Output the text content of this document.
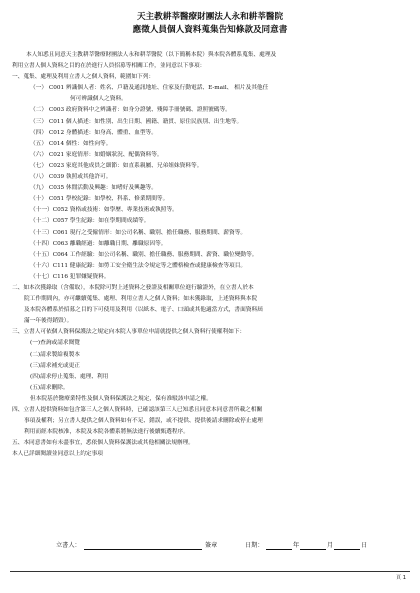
天主教耕莘醫療財團法人永和耕莘醫院
應徵人員個人資料蒐集告知條款及同意書

本人知悉且同意天主教耕莘醫療財團法人永和耕莘醫院（以下簡稱本院）與本院各體系蒐集、處理及

利用立書人個人資料之目的在於進行人員招募等相關工作，並同意以下事項：

一、蒐集、處理及利用立書人之個人資料，範圍如下列：

（一） C001 辨識個人者：姓名、戶籍及通訊地址、住家及行動電話、E-mail、 相片及其他任

何可辨識個人之資料。

（二） C003 政府資料中之辨識者：如身分證號、殘障手冊號碼、證照號碼等。

（三） C011 個人描述：如性別、出生日期、國籍、籍貫、原住民族別、出生地等。

（四） C012 身體描述：如身高、體重、血型等。

（五） C014 個性：如性向等。

（六） C021 家庭情形：如婚姻狀況、配偶資料等。

（七） C023 家庭其他成員之細節：如直系親屬、兄弟姐妹資料等。

（八） C039 執照或其他許可。

（九） C035 休閒活動及興趣：如嗜好及興趣等。

（十） C051 學校紀錄：如學校、科系、修業期間等。

（十一）C052 資格或技術：如學歷、專業技術或執照等。

（十二）C057 學生紀錄：如在學期間成績等。

（十三）C061 現行之受僱情形：如公司名稱、職別、擔任職務、服務期間、薪資等。

（十四）C063 離職經過：如離職日期、離職原因等。

（十五）C064 工作經驗：如公司名稱、職別、擔任職務、服務期間、薪資、職位變動等。

（十六）C111 健康紀錄：如勞工安全衛生法令規定等之體格檢查或健康檢查等項目。

（十七）C116 犯罪嫌疑資料。

二、如本次獲錄取（含備取），本院除可對上述資料之發證及相關單位進行驗證外，在立書人於本

院工作期間內，亦可繼續蒐集、處理、利用立書人之個人資料；如未獲錄取，上述資料與本院

及本院各體系於招募之目的下可使用及利用（以紙本、電子、口頭或其他適當方式，書面資料屆

滿一年後得銷毀）。

三、立書人可依個人資料保護法之規定向本院人事單位申請就提供之個人資料行使權利如下：

(一)查詢或請求閱覽

(二)請求製給複製本

(三)請求補充或更正

(四)請求停止蒐集、處理、利用

(五)請求刪除。

但本院基於醫療業特性及個人資料保護法之規定，保有准駁該申請之權。

四、立書人提供資料如包含第三人之個人資料時，已確認該第三人已知悉且同意本同意書所載之相關

事項及權利；另立書人提供之個人資料如有不足、錯誤，或不提供、提供後請求刪除或停止處理

利用而經本院核准，本院及本院各體系將無法進行後續甄選程序。

五、本同意書如有未盡事宜，悉依個人資料保護法或其他相關法規辦理。

本人已詳細閱讀並同意以上約定事項

立書人：	簽章	日期：	年	月	日
頁 1
